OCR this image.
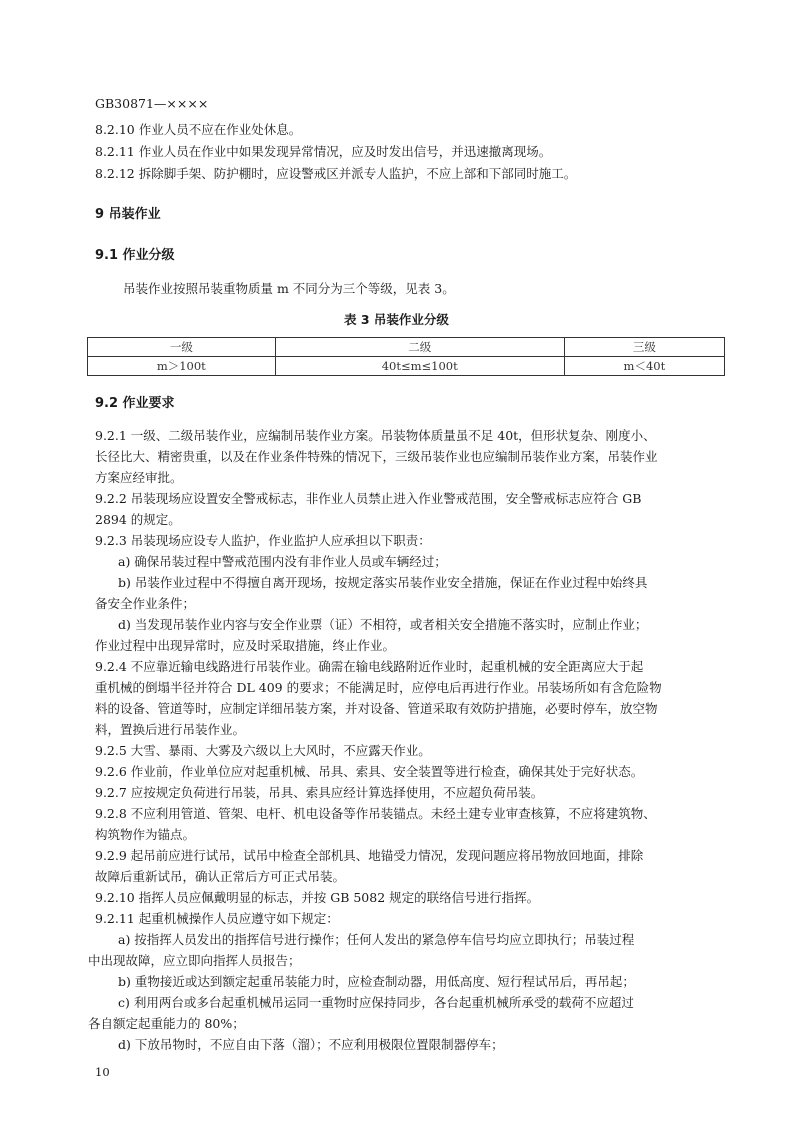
GB30871—××××
8.2.10 作业人员不应在作业处休息。
8.2.11 作业人员在作业中如果发现异常情况，应及时发出信号，并迅速撤离现场。
8.2.12 拆除脚手架、防护棚时，应设警戒区并派专人监护，不应上部和下部同时施工。
9 吊装作业
9.1 作业分级
吊装作业按照吊装重物质量 m 不同分为三个等级，见表 3。
表 3 吊装作业分级
一级	二级	三级
m＞100t	40t≤m≤100t	m＜40t
9.2 作业要求
9.2.1 一级、二级吊装作业，应编制吊装作业方案。吊装物体质量虽不足 40t，但形状复杂、刚度小、
长径比大、精密贵重，以及在作业条件特殊的情况下，三级吊装作业也应编制吊装作业方案，吊装作业
方案应经审批。
9.2.2 吊装现场应设置安全警戒标志，非作业人员禁止进入作业警戒范围，安全警戒标志应符合 GB
2894 的规定。
9.2.3 吊装现场应设专人监护，作业监护人应承担以下职责：
a) 确保吊装过程中警戒范围内没有非作业人员或车辆经过；
b) 吊装作业过程中不得擅自离开现场，按规定落实吊装作业安全措施，保证在作业过程中始终具
备安全作业条件；
d) 当发现吊装作业内容与安全作业票（证）不相符，或者相关安全措施不落实时，应制止作业；
作业过程中出现异常时，应及时采取措施，终止作业。
9.2.4 不应靠近输电线路进行吊装作业。确需在输电线路附近作业时，起重机械的安全距离应大于起
重机械的倒塌半径并符合 DL 409 的要求；不能满足时，应停电后再进行作业。吊装场所如有含危险物
料的设备、管道等时，应制定详细吊装方案，并对设备、管道采取有效防护措施，必要时停车，放空物
料，置换后进行吊装作业。
9.2.5 大雪、暴雨、大雾及六级以上大风时，不应露天作业。
9.2.6 作业前，作业单位应对起重机械、吊具、索具、安全装置等进行检查，确保其处于完好状态。
9.2.7 应按规定负荷进行吊装，吊具、索具应经计算选择使用，不应超负荷吊装。
9.2.8 不应利用管道、管架、电杆、机电设备等作吊装锚点。未经土建专业审查核算，不应将建筑物、
构筑物作为锚点。
9.2.9 起吊前应进行试吊，试吊中检查全部机具、地锚受力情况，发现问题应将吊物放回地面，排除
故障后重新试吊，确认正常后方可正式吊装。
9.2.10 指挥人员应佩戴明显的标志，并按 GB 5082 规定的联络信号进行指挥。
9.2.11 起重机械操作人员应遵守如下规定：
a) 按指挥人员发出的指挥信号进行操作；任何人发出的紧急停车信号均应立即执行；吊装过程
中出现故障，应立即向指挥人员报告；
b) 重物接近或达到额定起重吊装能力时，应检查制动器，用低高度、短行程试吊后，再吊起；
c) 利用两台或多台起重机械吊运同一重物时应保持同步，各台起重机械所承受的载荷不应超过
各自额定起重能力的 80%；
d) 下放吊物时，不应自由下落（溜）；不应利用极限位置限制器停车；
10
